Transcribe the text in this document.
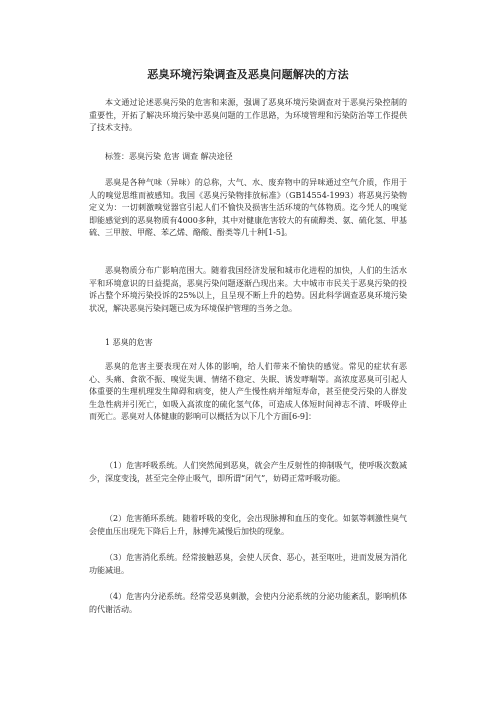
恶臭环境污染调查及恶臭问题解决的方法

本文通过论述恶臭污染的危害和来源，强调了恶臭环境污染调查对于恶臭污染控制的重要性，开拓了解决环境污染中恶臭问题的工作思路，为环境管理和污染防治等工作提供了技术支持。

标签：恶臭污染 危害 调查 解决途径

恶臭是各种气味（异味）的总称，大气、水、废弃物中的异味通过空气介质，作用于人的嗅觉思维而被感知。我国《恶臭污染物排放标准》（GB14554-1993）将恶臭污染物定义为：一切刺激嗅觉器官引起人们不愉快及损害生活环境的气体物质。迄今凭人的嗅觉即能感觉到的恶臭物质有4000多种，其中对健康危害较大的有硫醇类、氨、硫化氢、甲基硫、三甲胺、甲醛、苯乙烯、酪酸、酚类等几十种[1-5]。

恶臭物质分布广影响范围大。随着我国经济发展和城市化进程的加快，人们的生活水平和环境意识的日益提高，恶臭污染问题逐渐凸现出来。大中城市市民关于恶臭污染的投诉占整个环境污染投诉的25%以上，且呈现不断上升的趋势。因此科学调查恶臭环境污染状况，解决恶臭污染问题已成为环境保护管理的当务之急。

1 恶臭的危害

恶臭的危害主要表现在对人体的影响，给人们带来不愉快的感觉。常见的症状有恶心、头痛、食欲不振、嗅觉失调、情绪不稳定、失眠、诱发哮喘等。高浓度恶臭可引起人体重要的生理机理发生障碍和病变，使人产生慢性病并缩短寿命，甚至使受污染的人群发生急性病并引死亡，如吸入高浓度的硫化氢气体，可造成人体短时间神志不清、呼吸停止而死亡。恶臭对人体健康的影响可以概括为以下几个方面[6-9]：

（1）危害呼吸系统。人们突然闻到恶臭，就会产生反射性的抑制吸气，使呼吸次数减少，深度变浅，甚至完全停止吸气，即所谓“闭气”，妨碍正常呼吸功能。

（2）危害循环系统。随着呼吸的变化，会出现脉搏和血压的变化。如氨等刺激性臭气会使血压出现先下降后上升，脉搏先减慢后加快的现象。

（3）危害消化系统。经常接触恶臭，会使人厌食、恶心，甚至呕吐，进而发展为消化功能减退。

（4）危害内分泌系统。经常受恶臭刺激，会使内分泌系统的分泌功能紊乱，影响机体的代谢活动。
